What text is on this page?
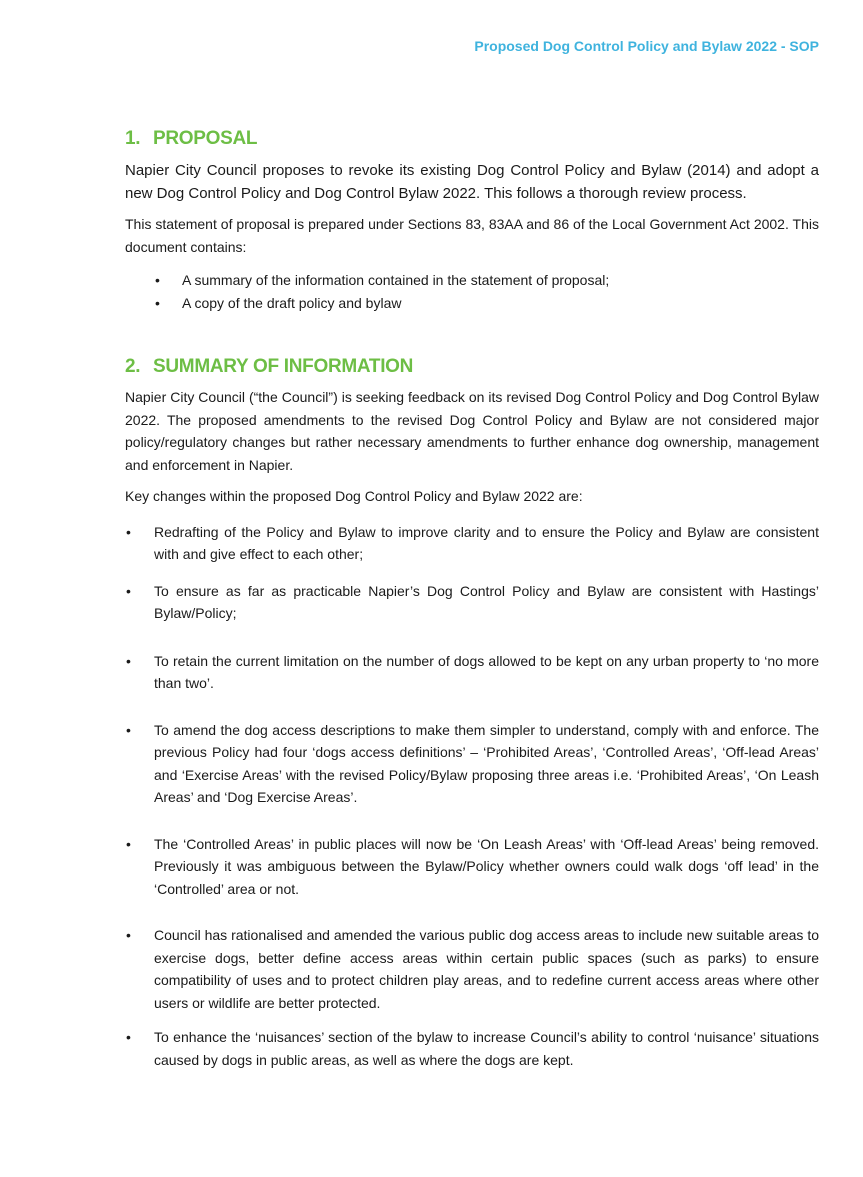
Proposed Dog Control Policy and Bylaw 2022 - SOP
1. PROPOSAL

Napier City Council proposes to revoke its existing Dog Control Policy and Bylaw (2014) and adopt a new Dog Control Policy and Dog Control Bylaw 2022. This follows a thorough review process.

This statement of proposal is prepared under Sections 83, 83AA and 86 of the Local Government Act 2002. This document contains:

• A summary of the information contained in the statement of proposal;
• A copy of the draft policy and bylaw
2. SUMMARY OF INFORMATION

Napier City Council (“the Council”) is seeking feedback on its revised Dog Control Policy and Dog Control Bylaw 2022. The proposed amendments to the revised Dog Control Policy and Bylaw are not considered major policy/regulatory changes but rather necessary amendments to further enhance dog ownership, management and enforcement in Napier.

Key changes within the proposed Dog Control Policy and Bylaw 2022 are:

• Redrafting of the Policy and Bylaw to improve clarity and to ensure the Policy and Bylaw are consistent with and give effect to each other;
• To ensure as far as practicable Napier’s Dog Control Policy and Bylaw are consistent with Hastings’ Bylaw/Policy;
• To retain the current limitation on the number of dogs allowed to be kept on any urban property to ‘no more than two’.
• To amend the dog access descriptions to make them simpler to understand, comply with and enforce. The previous Policy had four ‘dogs access definitions’ – ‘Prohibited Areas’, ‘Controlled Areas’, ‘Off-lead Areas’ and ‘Exercise Areas’ with the revised Policy/Bylaw proposing three areas i.e. ‘Prohibited Areas’, ‘On Leash Areas’ and ‘Dog Exercise Areas’.
• The ‘Controlled Areas’ in public places will now be ‘On Leash Areas’ with ‘Off-lead Areas’ being removed. Previously it was ambiguous between the Bylaw/Policy whether owners could walk dogs ‘off lead’ in the ‘Controlled’ area or not.
• Council has rationalised and amended the various public dog access areas to include new suitable areas to exercise dogs, better define access areas within certain public spaces (such as parks) to ensure compatibility of uses and to protect children play areas, and to redefine current access areas where other users or wildlife are better protected.
• To enhance the ‘nuisances’ section of the bylaw to increase Council’s ability to control ‘nuisance’ situations caused by dogs in public areas, as well as where the dogs are kept.
